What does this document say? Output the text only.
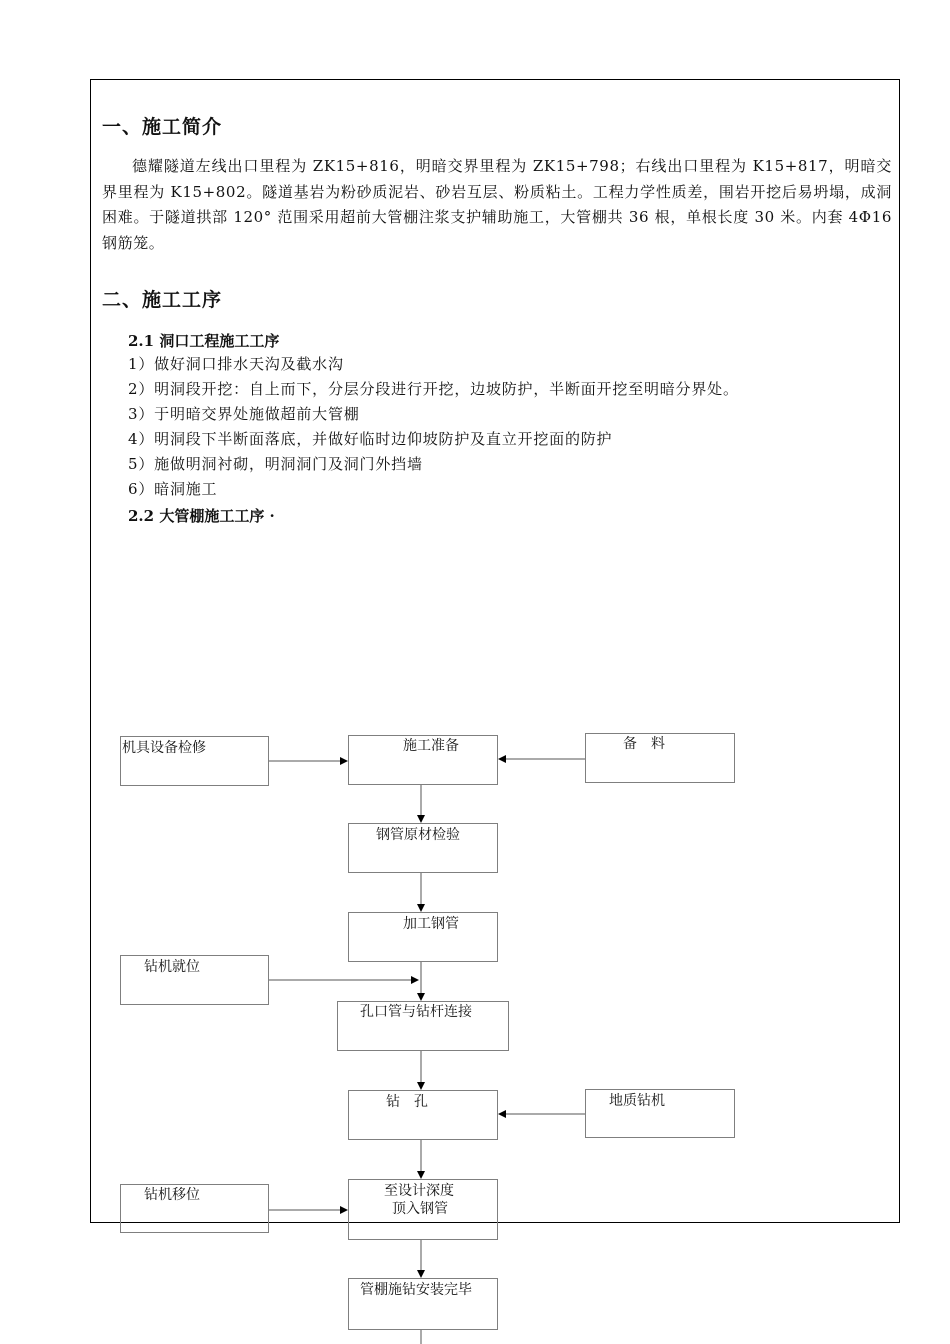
一、施工简介

德耀隧道左线出口里程为 ZK15+816，明暗交界里程为 ZK15+798；右线出口里程为 K15+817，明暗交界里程为 K15+802。隧道基岩为粉砂质泥岩、砂岩互层、粉质粘土。工程力学性质差，围岩开挖后易坍塌，成洞困难。于隧道拱部 120° 范围采用超前大管棚注浆支护辅助施工，大管棚共 36 根，单根长度 30 米。内套 4Φ16 钢筋笼。

二、施工工序

2.1 洞口工程施工工序

1）做好洞口排水天沟及截水沟
2）明洞段开挖：自上而下，分层分段进行开挖，边坡防护，半断面开挖至明暗分界处。
3）于明暗交界处施做超前大管棚
4）明洞段下半断面落底，并做好临时边仰坡防护及直立开挖面的防护
5）施做明洞衬砌，明洞洞门及洞门外挡墙
6）暗洞施工

2.2 大管棚施工工序 ·

机具设备检修	施工准备	备　料
钢管原材检验
加工钢管
钻机就位
孔口管与钻杆连接
钻　孔	地质钻机
钻机移位	至设计深度
顶入钢管
管棚施钻安装完毕
